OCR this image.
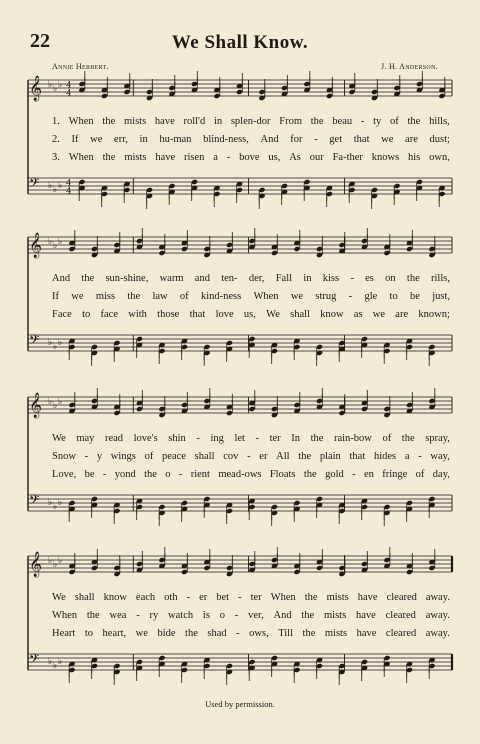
22	We Shall Know.
Annie Herbert.	J. H. Anderson.
𝄞 ♭ ♭ ♭ 4
4
𝄢 ♭ ♭ ♭ 4
4
1. When the mists have roll'd in splen-dor From the beau - ty of the hills,
2. If we err, in hu-man blind-ness, And for - get that we are dust;
3. When the mists have risen a - bove us, As our Fa-ther knows his own,
𝄞 ♭ ♭ ♭
𝄢 ♭ ♭ ♭
And the sun-shine, warm and ten- der, Fall in kiss - es on the rills,
If we miss the law of kind-ness When we strug - gle to be just,
Face to face with those that love us, We shall know as we are known;
𝄞 ♭ ♭ ♭
𝄢 ♭ ♭ ♭
We may read love's shin - ing let - ter In the rain-bow of the spray,
Snow - y wings of peace shall cov - er All the plain that hides a - way,
Love, be - yond the o - rient mead-ows Floats the gold - en fringe of day,
𝄞 ♭ ♭ ♭
𝄢 ♭ ♭ ♭
We shall know each oth - er bet - ter When the mists have cleared away.
When the wea - ry watch is o - ver, And the mists have cleared away.
Heart to heart, we bide the shad - ows, Till the mists have cleared away.
Used by permission.
